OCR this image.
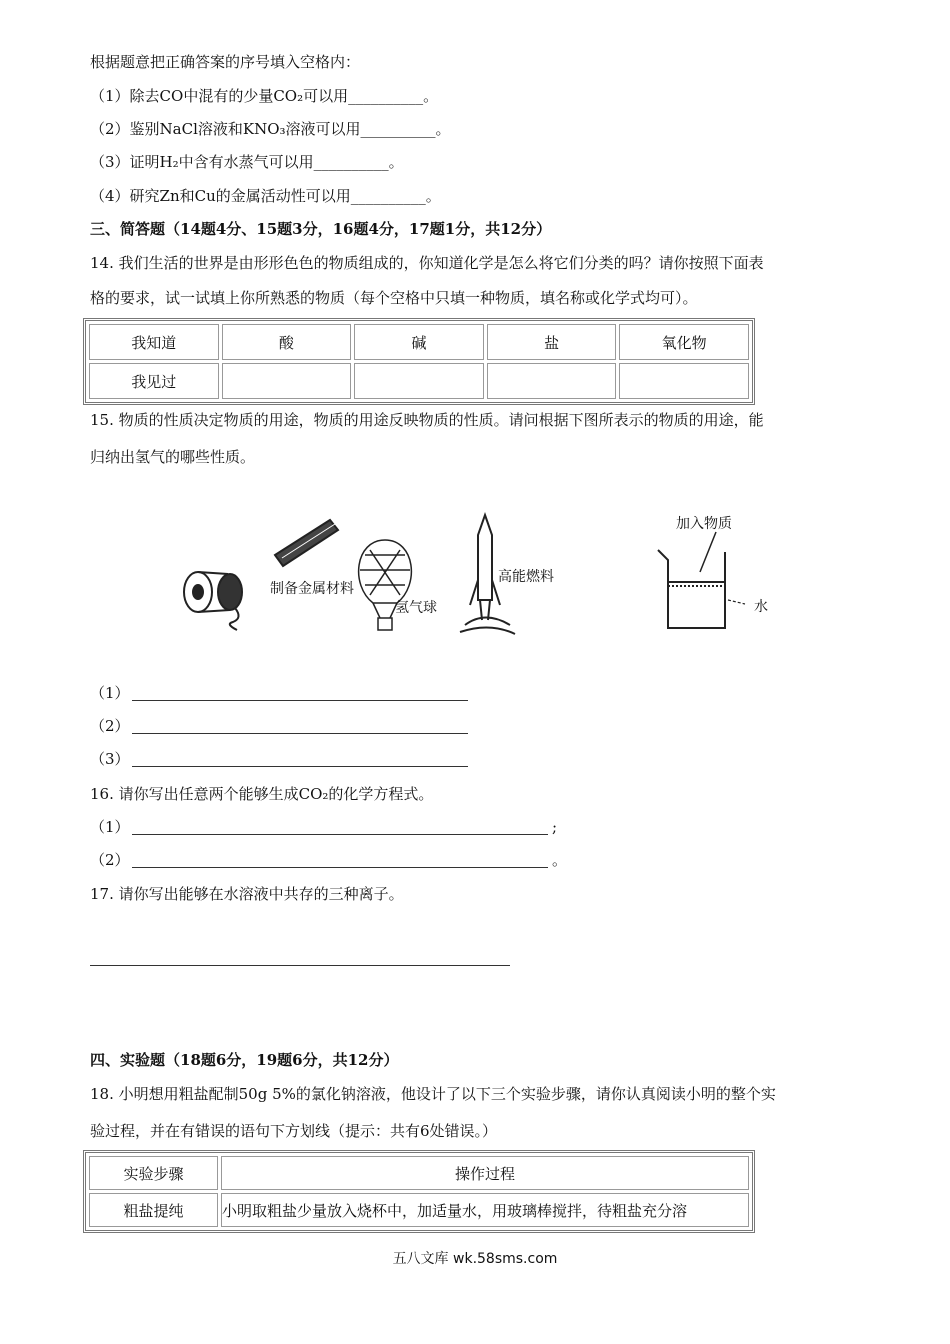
根据题意把正确答案的序号填入空格内：
（1）除去CO中混有的少量CO₂可以用__________。
（2）鉴别NaCl溶液和KNO₃溶液可以用__________。
（3）证明H₂中含有水蒸气可以用__________。
（4）研究Zn和Cu的金属活动性可以用__________。
三、简答题（14题4分、15题3分，16题4分，17题1分，共12分）
14. 我们生活的世界是由形形色色的物质组成的，你知道化学是怎么将它们分类的吗？请你按照下面表
格的要求，试一试填上你所熟悉的物质（每个空格中只填一种物质，填名称或化学式均可）。
我知道	酸	碱	盐	氧化物
我见过				
15. 物质的性质决定物质的用途，物质的用途反映物质的性质。请问根据下图所表示的物质的用途，能
归纳出氢气的哪些性质。
制备金属材料
氢气球
高能燃料
加入物质
水
（1）
（2）
（3）
16. 请你写出任意两个能够生成CO₂的化学方程式。
（1）	;
（2）	。
17. 请你写出能够在水溶液中共存的三种离子。
四、实验题（18题6分，19题6分，共12分）
18. 小明想用粗盐配制50g 5%的氯化钠溶液，他设计了以下三个实验步骤，请你认真阅读小明的整个实
验过程，并在有错误的语句下方划线（提示：共有6处错误。）
实验步骤	操作过程
粗盐提纯	小明取粗盐少量放入烧杯中，加适量水，用玻璃棒搅拌，待粗盐充分溶
五八文库 wk.58sms.com
